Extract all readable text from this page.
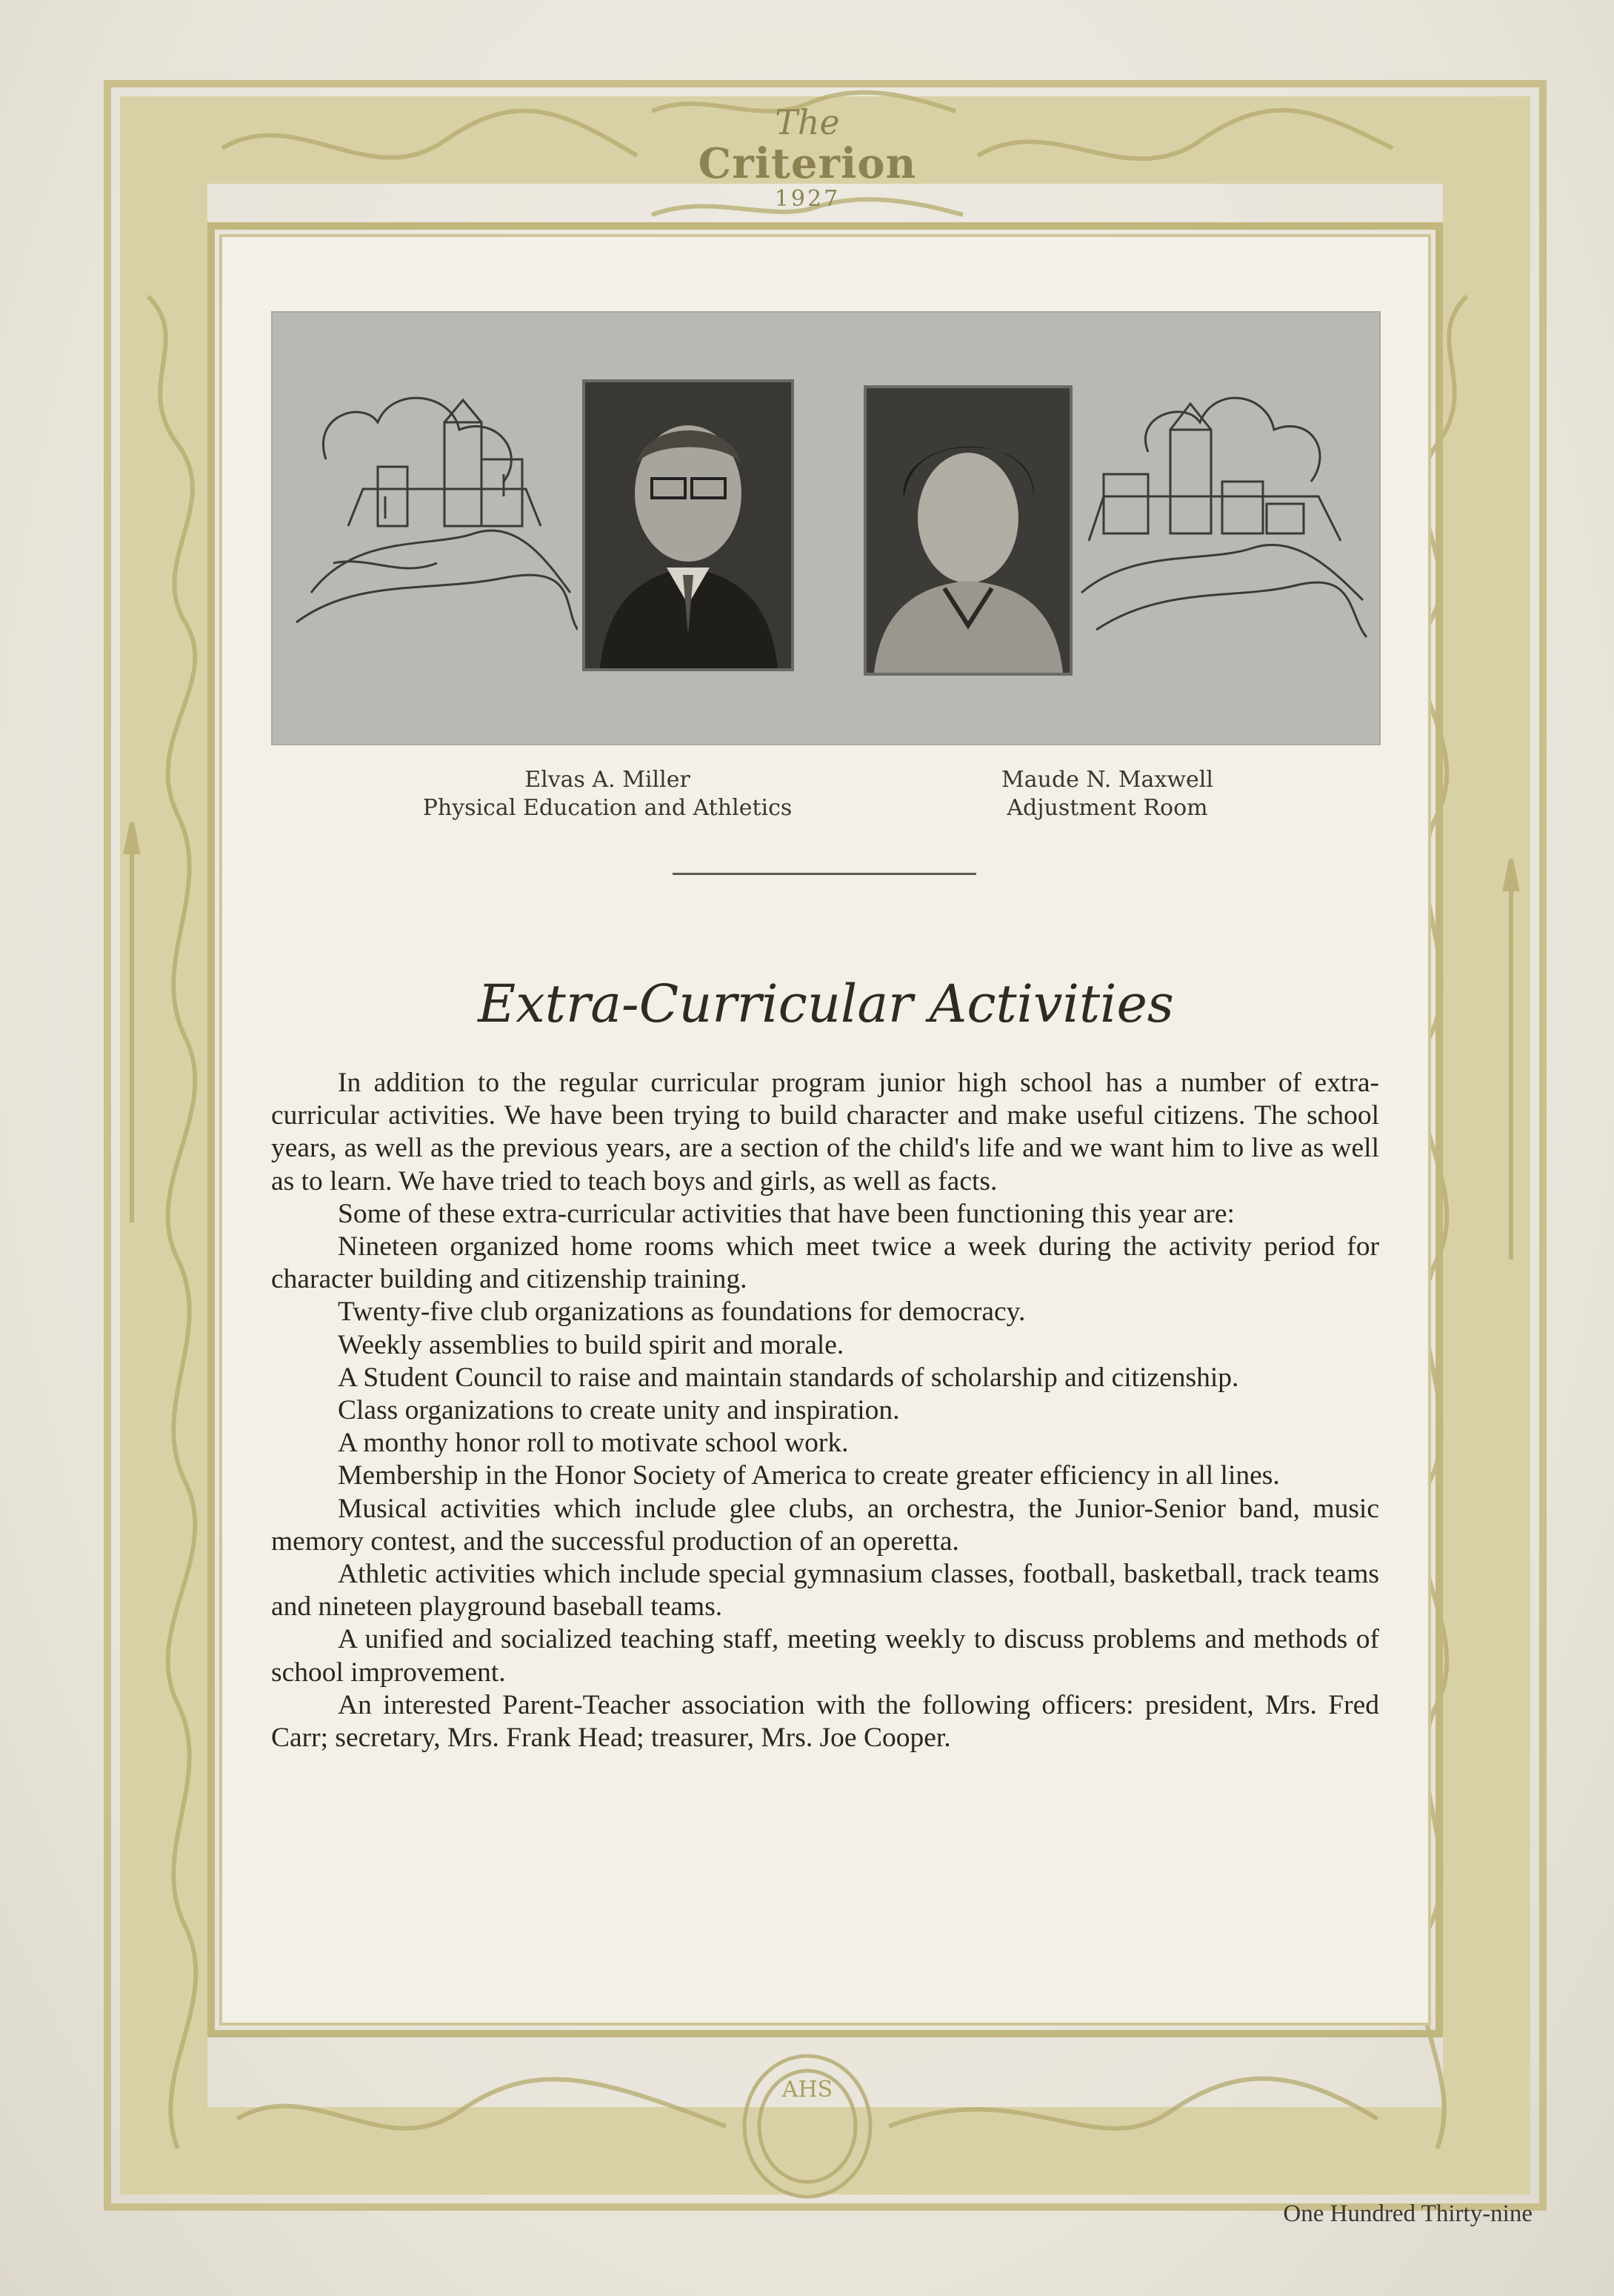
AHS
The
Criterion
1927
Elvas A. Miller
Physical Education and Athletics
Maude N. Maxwell
Adjustment Room
Extra-Curricular Activities

In addition to the regular curricular program junior high school has a number of extra-curricular activities. We have been trying to build character and make useful citizens. The school years, as well as the previous years, are a section of the child's life and we want him to live as well as to learn. We have tried to teach boys and girls, as well as facts.

Some of these extra-curricular activities that have been functioning this year are:

Nineteen organized home rooms which meet twice a week during the activity period for character building and citizenship training.

Twenty-five club organizations as foundations for democracy.

Weekly assemblies to build spirit and morale.

A Student Council to raise and maintain standards of scholarship and citizenship.

Class organizations to create unity and inspiration.

A monthy honor roll to motivate school work.

Membership in the Honor Society of America to create greater efficiency in all lines.

Musical activities which include glee clubs, an orchestra, the Junior-Senior band, music memory contest, and the successful production of an operetta.

Athletic activities which include special gymnasium classes, football, basketball, track teams and nineteen playground baseball teams.

A unified and socialized teaching staff, meeting weekly to discuss problems and methods of school improvement.

An interested Parent-Teacher association with the following officers: president, Mrs. Fred Carr; secretary, Mrs. Frank Head; treasurer, Mrs. Joe Cooper.

One Hundred Thirty-nine
